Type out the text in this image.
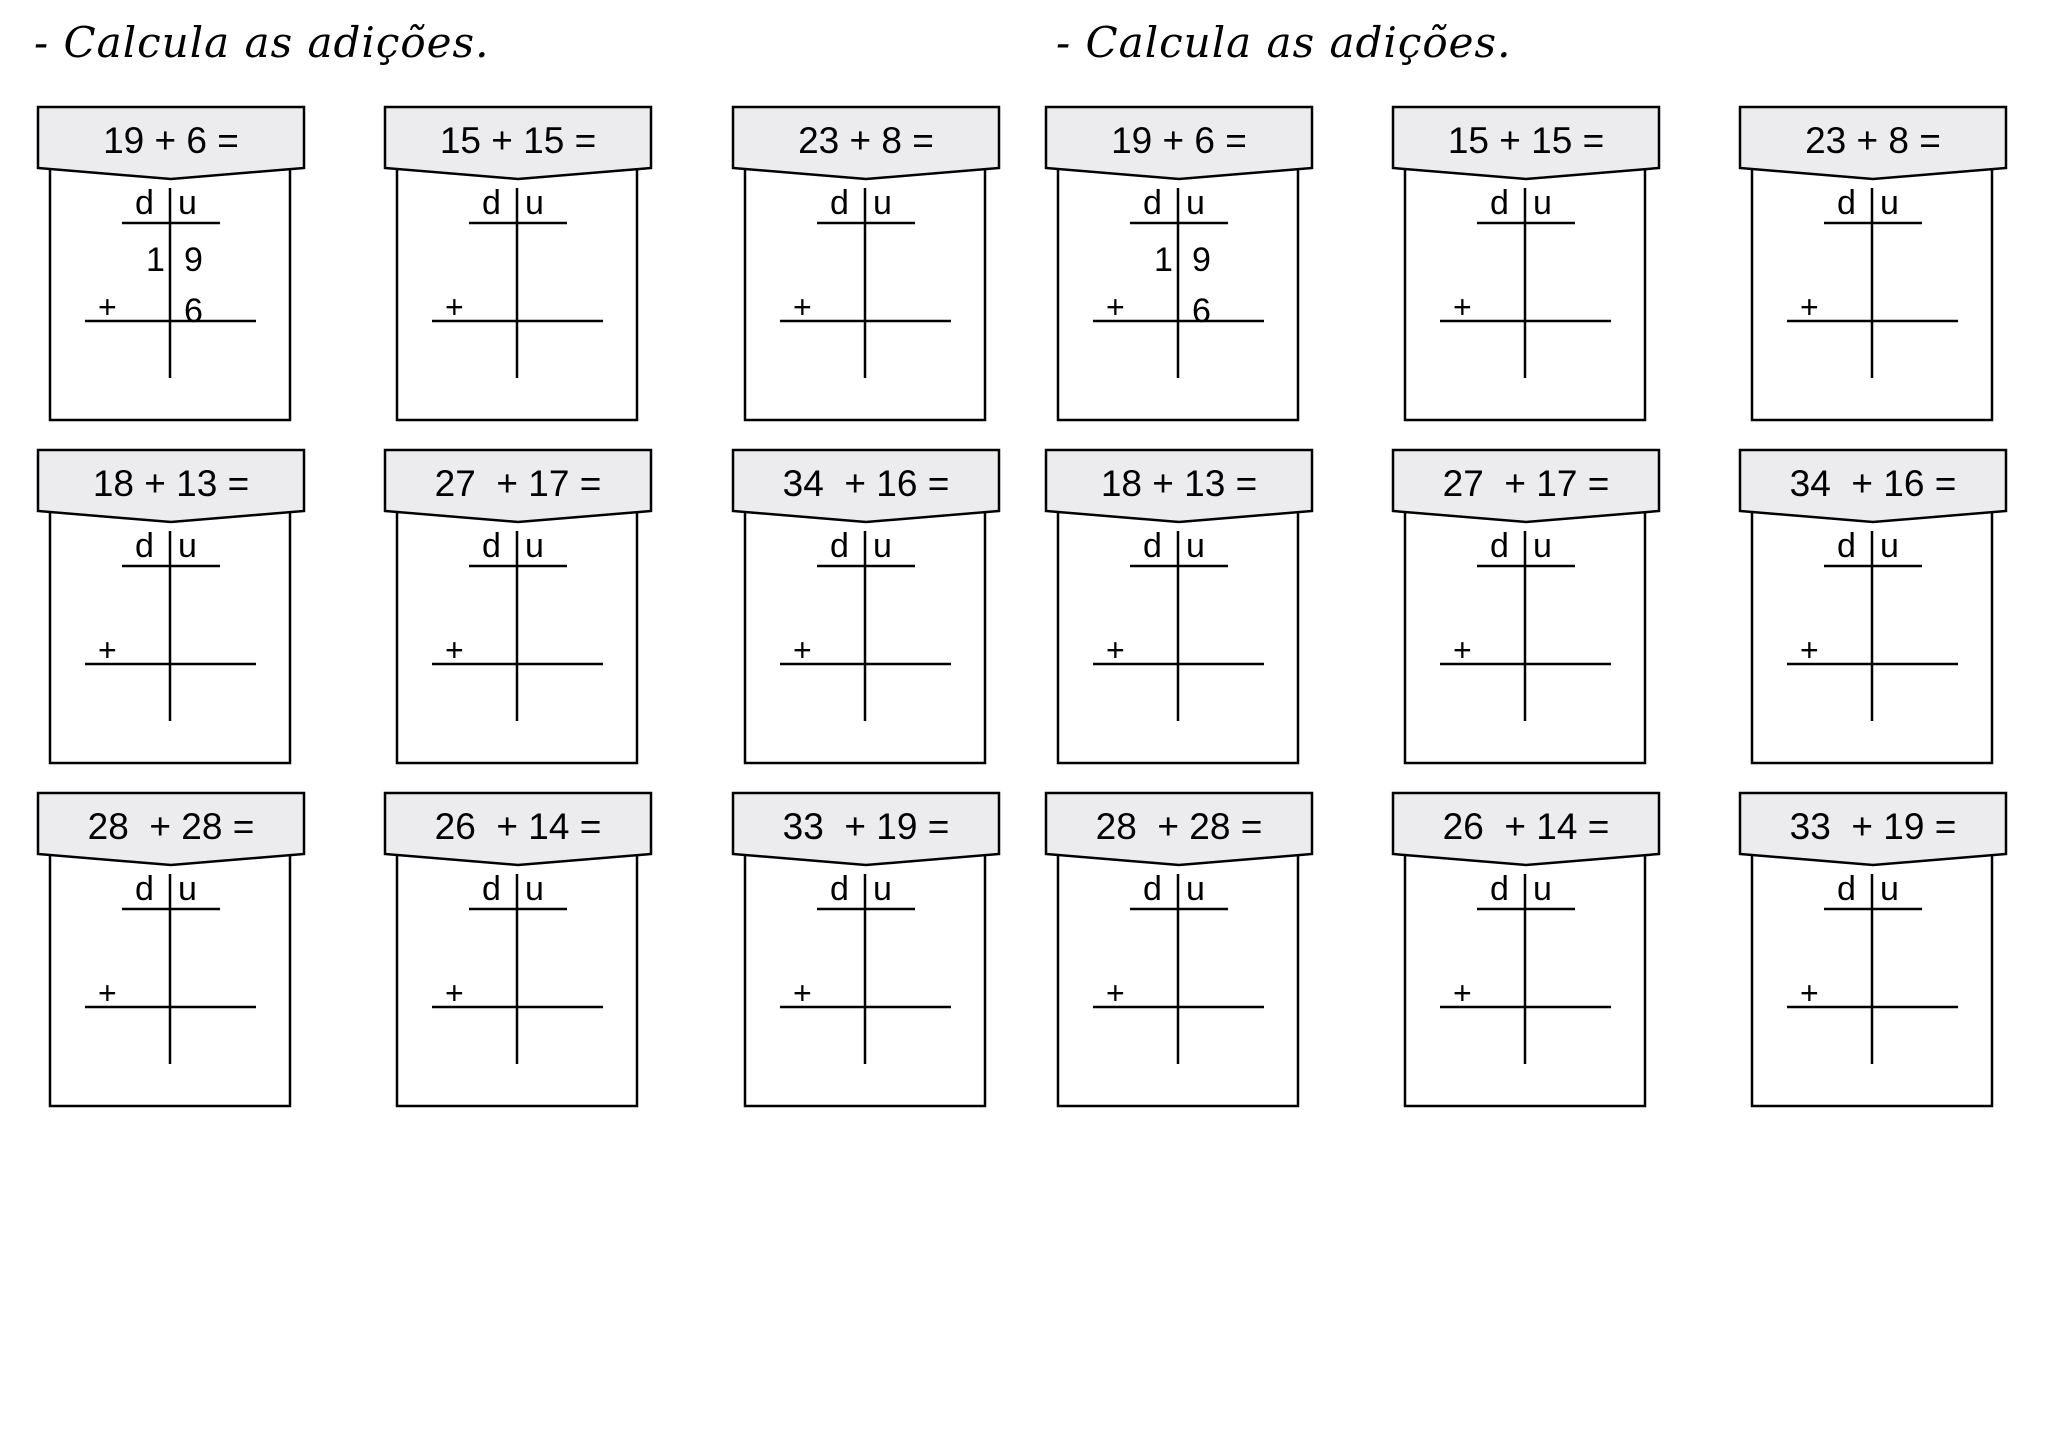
- Calcula as adições.	- Calcula as adições.
19 + 6 =
d u
+
1 9
6
15 + 15 =
d u
+
23 + 8 =
d u
+
18 + 13 =
d u
+
27  + 17 =
d u
+
34  + 16 =
d u
+
28  + 28 =
d u
+
26  + 14 =
d u
+
33  + 19 =
d u
+
19 + 6 =
d u
+
1 9
6
15 + 15 =
d u
+
23 + 8 =
d u
+
18 + 13 =
d u
+
27  + 17 =
d u
+
34  + 16 =
d u
+
28  + 28 =
d u
+
26  + 14 =
d u
+
33  + 19 =
d u
+
